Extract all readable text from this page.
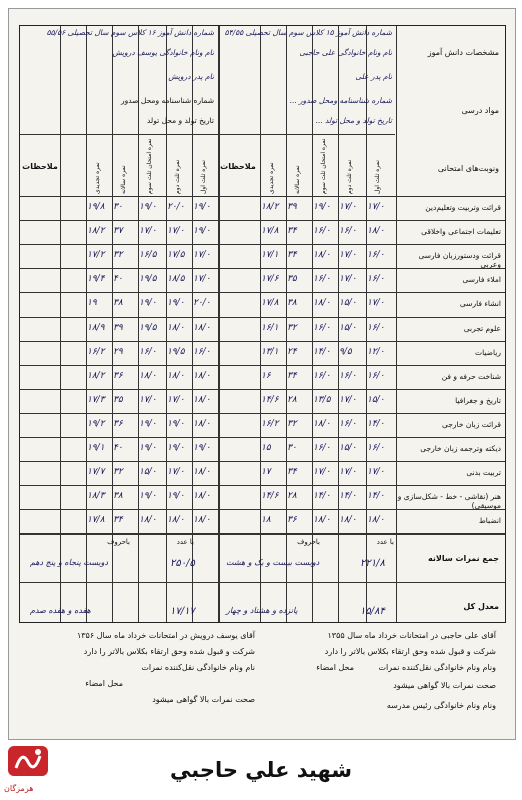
مشخصات دانش آموز
مواد درسی
ونوبت‌های امتحانی
ملاحظات
ملاحظات
شماره دانش آموز ۱۵ کلاس سوم سال تحصیلی ۵۴/۵۵
نام ونام خانوادگی علی حاجبی
نام پدر علی
شماره شناسنامه ومحل صدور ...
تاریخ تولد و محل تولد ...
شماره دانش آموز ۱۶ کلاس سوم سال تحصیلی ۵۵/۵۶
نام ونام خانوادگی یوسف درویش
نام پدر درویش
شماره شناسنامه ومحل صدور
تاریخ تولد و محل تولد
نمره ثلث اول
نمره ثلث دوم
نمره امتحان ثلث سوم
نمره سالانه
نمره تجدیدی
نمره ثلث اول
نمره ثلث دوم
نمره امتحان ثلث سوم
نمره سالانه
نمره تجدیدی
قرائت وتربیت وتعلیم‌دین
۱۷/۰
۱۷/۰
۱۹/۰
۳۹
۱۸/۲
۱۹/۰
۲۰/۰
۱۹/۰
۳۰
۱۹/۸
تعلیمات اجتماعی واخلاقی
۱۸/۰
۱۶/۰
۱۶/۰
۳۴
۱۷/۸
۱۹/۰
۱۷/۰
۱۷/۰
۳۷
۱۸/۲
قرائت ودستورزبان فارسی وعربی
۱۶/۰
۱۷/۰
۱۸/۰
۳۴
۱۷/۱
۱۷/۰
۱۷/۵
۱۶/۵
۳۲
۱۷/۲
املاء فارسی
۱۶/۰
۱۷/۰
۱۶/۰
۳۵
۱۷/۶
۱۷/۰
۱۸/۵
۱۹/۵
۴۰
۱۹/۴
انشاء فارسی
۱۷/۰
۱۵/۰
۱۸/۰
۳۸
۱۷/۸
۲۰/۰
۱۹/۰
۱۹/۰
۳۸
۱۹
علوم تجربی
۱۶/۰
۱۵/۰
۱۶/۰
۳۲
۱۶/۱
۱۸/۰
۱۸/۰
۱۹/۵
۳۹
۱۸/۹
ریاضیات
۱۲/۰
۹/۵
۱۴/۰
۲۴
۱۳/۱
۱۶/۰
۱۹/۵
۱۶/۰
۲۹
۱۶/۲
شناخت حرفه و فن
۱۶/۰
۱۶/۰
۱۶/۰
۳۴
۱۶
۱۸/۰
۱۸/۰
۱۸/۰
۳۶
۱۸/۲
تاریخ و جغرافیا
۱۵/۰
۱۷/۰
۱۳/۵
۲۸
۱۴/۶
۱۸/۰
۱۷/۰
۱۷/۰
۳۵
۱۷/۳
قرائت زبان خارجی
۱۴/۰
۱۶/۰
۱۸/۰
۳۲
۱۶/۲
۱۸/۰
۱۹/۰
۱۹/۰
۳۶
۱۹/۲
دیکته وترجمه زبان خارجی
۱۶/۰
۱۵/۰
۱۶/۰
۳۰
۱۵
۱۹/۰
۱۹/۰
۱۹/۰
۴۰
۱۹/۱
تربیت بدنی
۱۷/۰
۱۷/۰
۱۷/۰
۳۴
۱۷
۱۸/۰
۱۷/۰
۱۵/۰
۳۲
۱۷/۷
هنر (نقاشی - خط - شکل‌سازی و موسیقی)
۱۴/۰
۱۴/۰
۱۴/۰
۲۸
۱۴/۶
۱۸/۰
۱۹/۰
۱۹/۰
۳۸
۱۸/۳
انضباط
۱۸/۰
۱۸/۰
۱۸/۰
۳۶
۱۸
۱۸/۰
۱۸/۰
۱۸/۰
۳۴
۱۷/۸
جمع نمرات سالانه
معدل کل
با عدد
باحروف
با عدد
باحروف
۲۲۱/۸
دویست بیست و یک و هشت
۱۵/۸۴
پانزده و هشتاد و چهار
۲۵۰/۵
دویست پنجاه و پنج دهم
۱۷/۱۷
هفده و هفده صدم
آقای علی حاجبی در امتحانات خرداد ماه سال ۱۳۵۵
شرکت و قبول شده وحق ارتقاء بکلاس بالاتر را دارد
ونام ونام خانوادگی نقل‌کننده نمرات
محل امضاء
صحت نمرات بالا گواهی میشود
ونام ونام خانوادگی رئیس مدرسه
آقای یوسف درویش در امتحانات خرداد ماه سال ۱۳۵۶
شرکت و قبول شده وحق ارتقاء بکلاس بالاتر را دارد
نام ونام خانوادگی نقل‌کننده نمرات
محل امضاء
صحت نمرات بالا گواهی میشود
هرمزگان
شهید علي حاجبي
